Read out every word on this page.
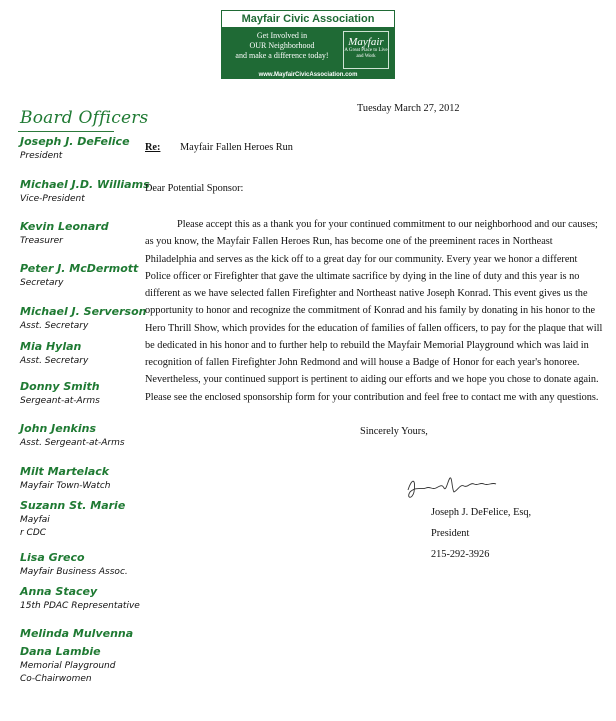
Mayfair Civic Association
Get Involved in
OUR Neighborhood
and make a difference today!
Mayfair
A Great Place to Live and Work
www.MayfairCivicAssociation.com
Board Officers
Joseph J. DeFelice
President
Michael J.D. Williams
Vice-President
Kevin Leonard
Treasurer
Peter J. McDermott
Secretary
Michael J. Serverson
Asst. Secretary
Mia Hylan
Asst. Secretary
Donny Smith
Sergeant-at-Arms
John Jenkins
Asst. Sergeant-at-Arms
Milt Martelack
Mayfair Town-Watch
Suzann St. Marie
Mayfai
r CDC
Lisa Greco
Mayfair Business Assoc.
Anna Stacey
15th PDAC Representative
Melinda Mulvenna
Dana Lambie
Memorial Playground
Co-Chairwomen
Tuesday March 27, 2012
Re: Mayfair Fallen Heroes Run
Dear Potential Sponsor:
Please accept this as a thank you for your continued commitment to our neighborhood and our causes; as you know, the Mayfair Fallen Heroes Run, has become one of the preeminent races in Northeast Philadelphia and serves as the kick off to a great day for our community. Every year we honor a different Police officer or Firefighter that gave the ultimate sacrifice by dying in the line of duty and this year is no different as we have selected fallen Firefighter and Northeast native Joseph Konrad. This event gives us the opportunity to honor and recognize the commitment of Konrad and his family by donating in his honor to the Hero Thrill Show, which provides for the education of families of fallen officers, to pay for the plaque that will be dedicated in his honor and to further help to rebuild the Mayfair Memorial Playground which was laid in recognition of fallen Firefighter John Redmond and will house a Badge of Honor for each year's honoree. Nevertheless, your continued support is pertinent to aiding our efforts and we hope you chose to donate again. Please see the enclosed sponsorship form for your contribution and feel free to contact me with any questions.
Sincerely Yours,
Joseph J. DeFelice, Esq,
President
215-292-3926
